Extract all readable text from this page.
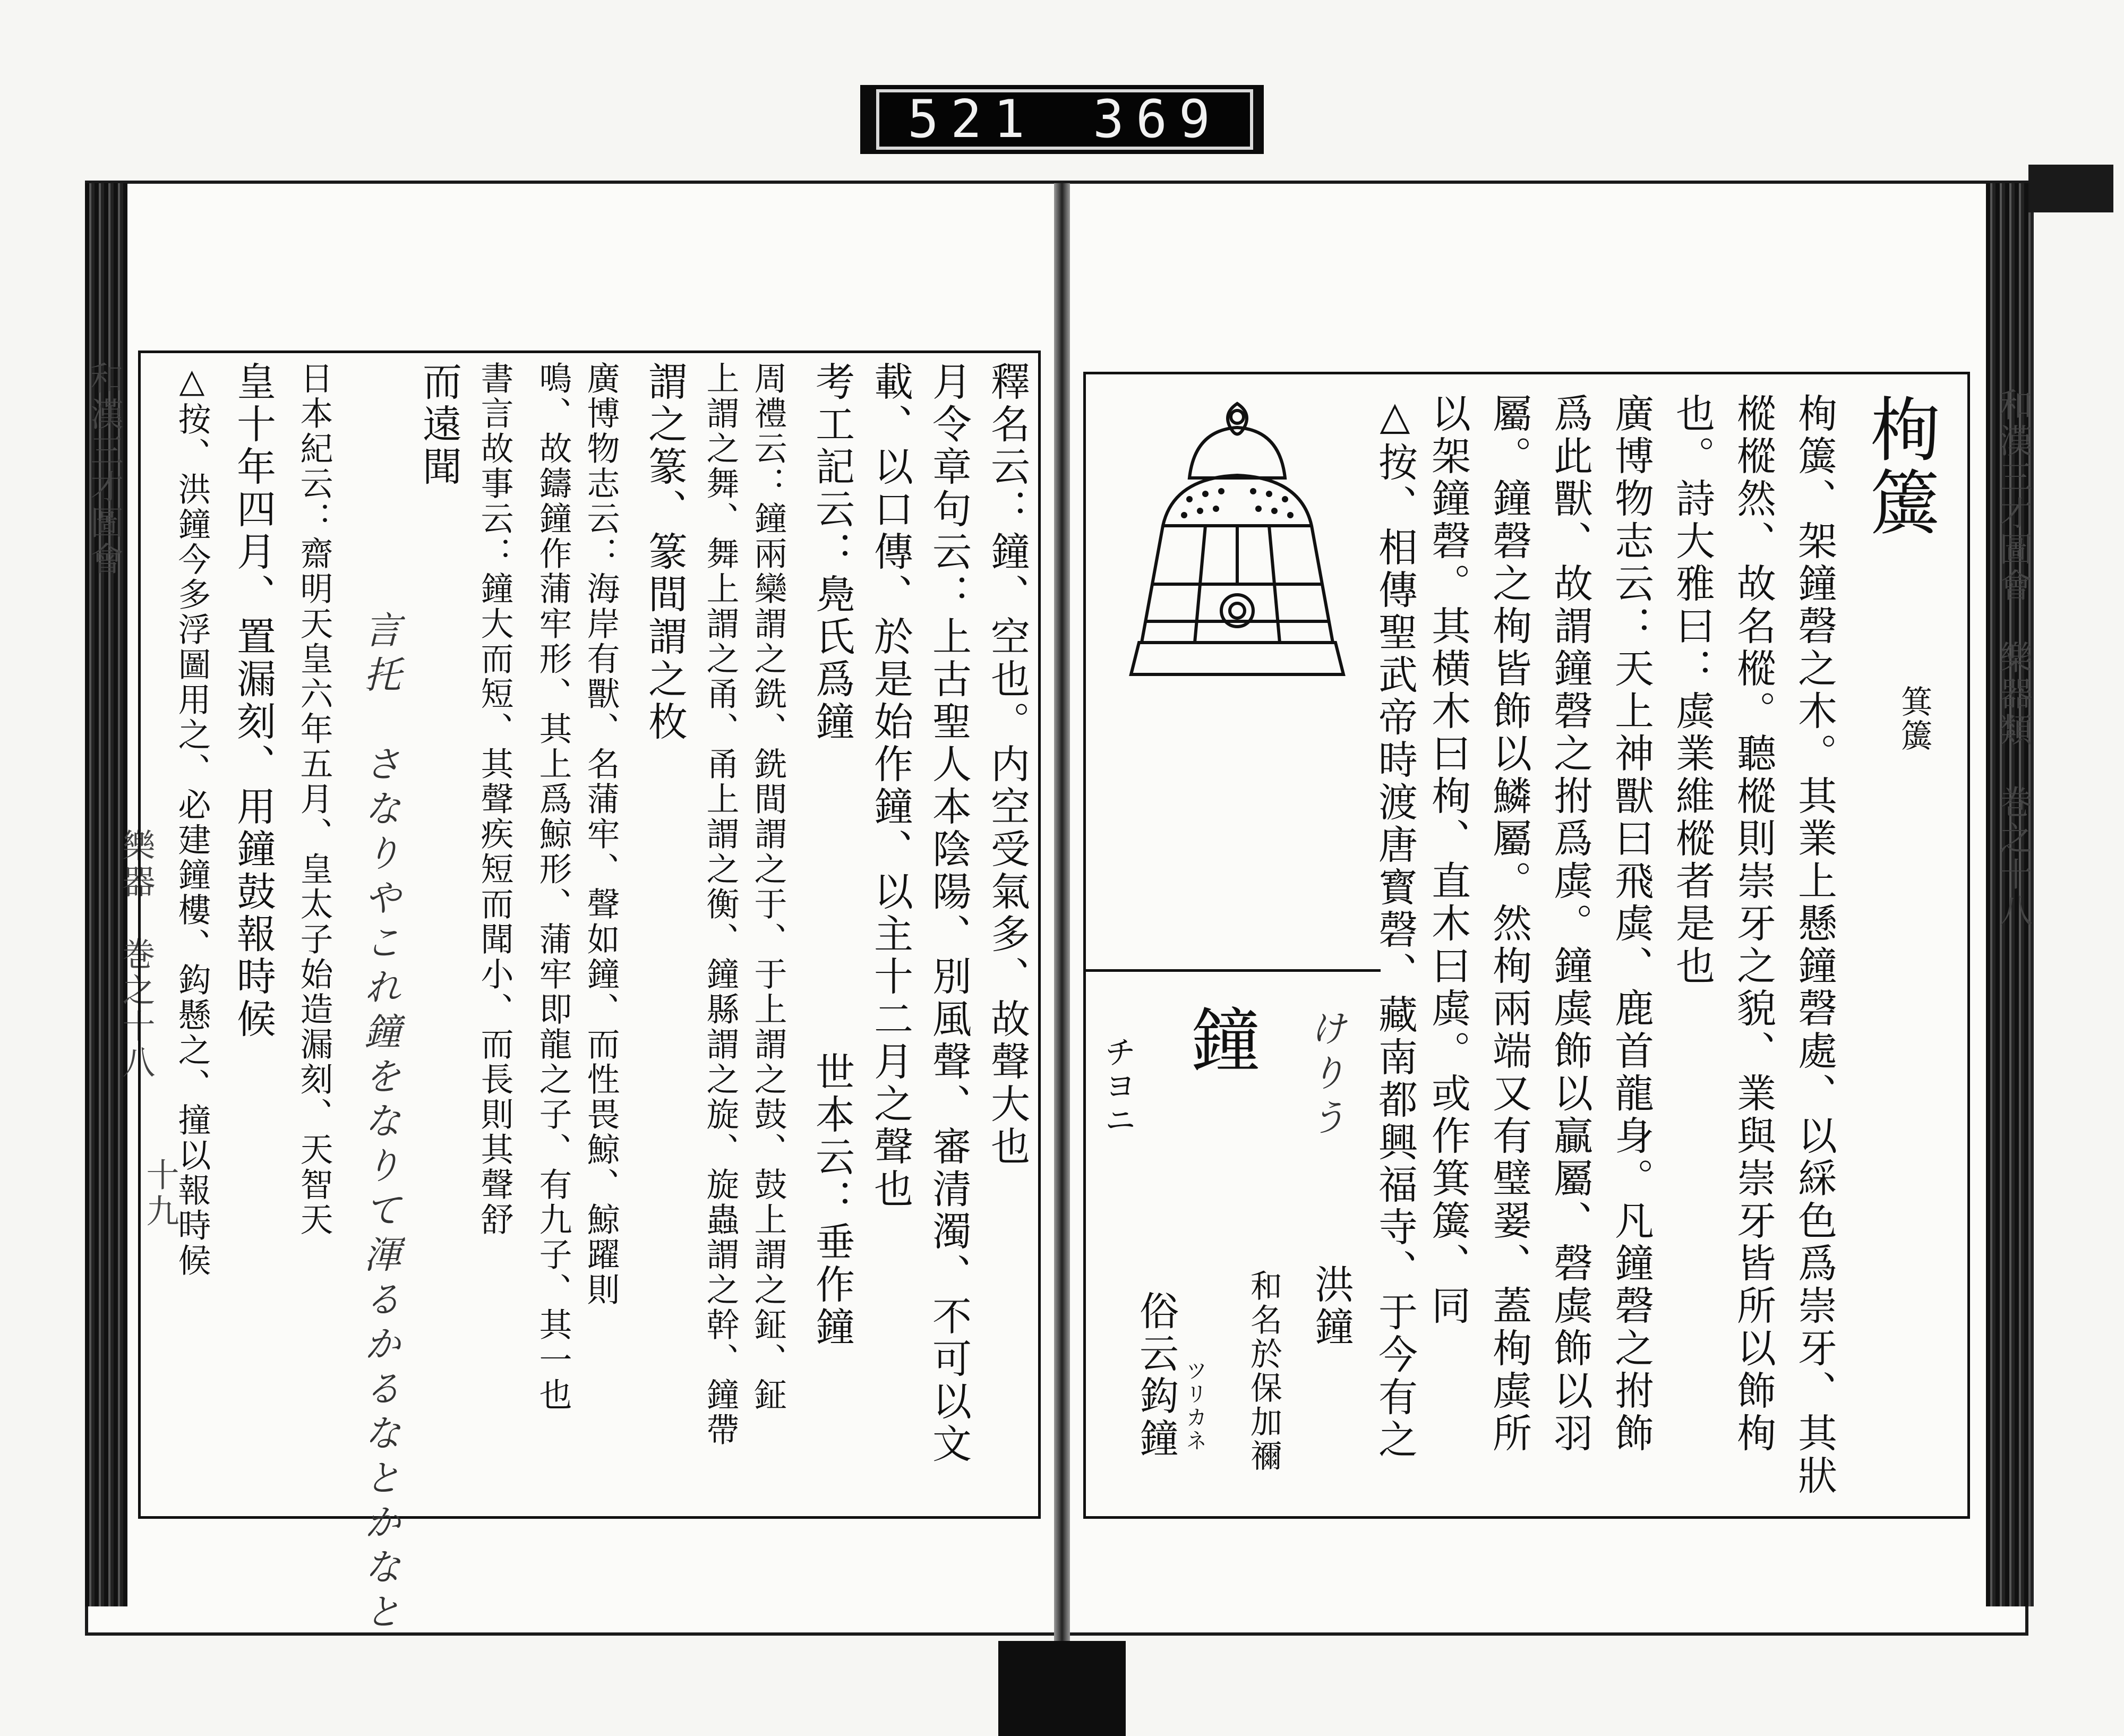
521 369
和漢三才圖會
樂器　巻之十八
十九
和漢三才圖會　樂器類　巻之十八
栒簴
箕簴
栒簴、架鐘磬之木。其業上懸鐘磬處、以綵色爲崇牙、其狀
樅樅然、故名樅。聽樅則崇牙之貌、業與崇牙皆所以飾栒
也。詩大雅曰：虡業維樅者是也
廣博物志云：天上神獸曰飛虡、鹿首龍身。凡鐘磬之拊飾
爲此獸、故謂鐘磬之拊爲虡。鐘虡飾以贏屬、磬虡飾以羽
屬。鐘磬之栒皆飾以鱗屬。然栒兩端又有璧翣、蓋栒虡所
以架鐘磬。其横木曰栒、直木曰虡。或作箕簴、同
△按、相傳聖武帝時渡唐寳磬、藏南都興福寺、于今有之
鐘 けりう
チヨニ
洪鐘
和名於保加禰
俗云鈎鐘 ツリカネ
釋名云：鐘、空也。内空受氣多、故聲大也
月令章句云：上古聖人本陰陽、別風聲、審清濁、不可以文
載、以口傳、於是始作鐘、以主十二月之聲也
考工記云：鳧氏爲鐘
　　　　　　　世本云：垂作鐘
周禮云：鐘兩欒謂之銑、銑間謂之于、于上謂之鼓、鼓上謂之鉦、鉦
上謂之舞、舞上謂之甬、甬上謂之衡、鐘縣謂之旋、旋蟲謂之幹、鐘帶
謂之篆、篆間謂之枚
廣博物志云：海岸有獸、名蒲牢、聲如鐘、而性畏鯨、鯨躍則
鳴、故鑄鐘作蒲牢形、其上爲鯨形、蒲牢即龍之子、有九子、其一也
書言故事云：鐘大而短、其聲疾短而聞小、而長則其聲舒
而遠聞
言托　さなりやこれ鐘をなりて渾るかるなとかなと
日本紀云：齋明天皇六年五月、皇太子始造漏刻、天智天
皇十年四月、置漏刻、用鐘鼓報時候
△按、洪鐘今多浮圖用之、必建鐘樓、鈎懸之、撞以報時候
